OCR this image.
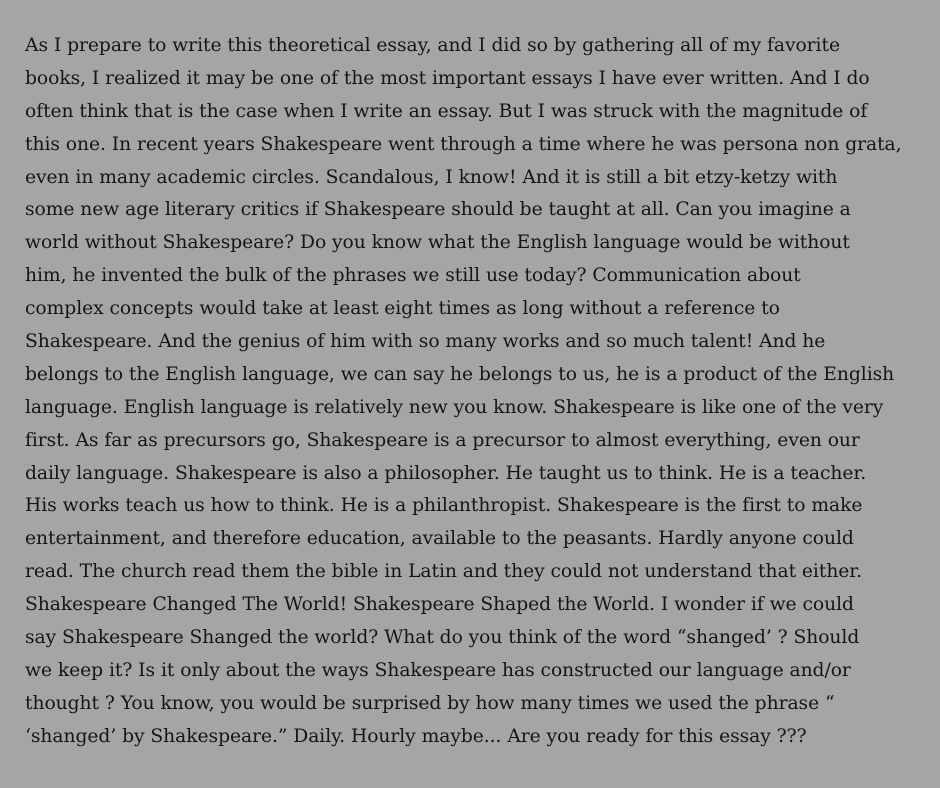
As I prepare to write this theoretical essay, and I did so by gathering all of my favorite
books, I realized it may be one of the most important essays I have ever written. And I do
often think that is the case when I write an essay. But I was struck with the magnitude of
this one. In recent years Shakespeare went through a time where he was persona non grata,
even in many academic circles. Scandalous, I know! And it is still a bit etzy-ketzy with
some new age literary critics if Shakespeare should be taught at all. Can you imagine a
world without Shakespeare? Do you know what the English language would be without
him, he invented the bulk of the phrases we still use today? Communication about
complex concepts would take at least eight times as long without a reference to
Shakespeare. And the genius of him with so many works and so much talent! And he
belongs to the English language, we can say he belongs to us, he is a product of the English
language. English language is relatively new you know. Shakespeare is like one of the very
first. As far as precursors go, Shakespeare is a precursor to almost everything, even our
daily language. Shakespeare is also a philosopher. He taught us to think. He is a teacher.
His works teach us how to think. He is a philanthropist. Shakespeare is the first to make
entertainment, and therefore education, available to the peasants. Hardly anyone could
read. The church read them the bible in Latin and they could not understand that either.
Shakespeare Changed The World! Shakespeare Shaped the World. I wonder if we could
say Shakespeare Shanged the world? What do you think of the word “shanged’ ? Should
we keep it? Is it only about the ways Shakespeare has constructed our language and/or
thought ? You know, you would be surprised by how many times we used the phrase “
‘shanged’ by Shakespeare.” Daily. Hourly maybe... Are you ready for this essay ???
